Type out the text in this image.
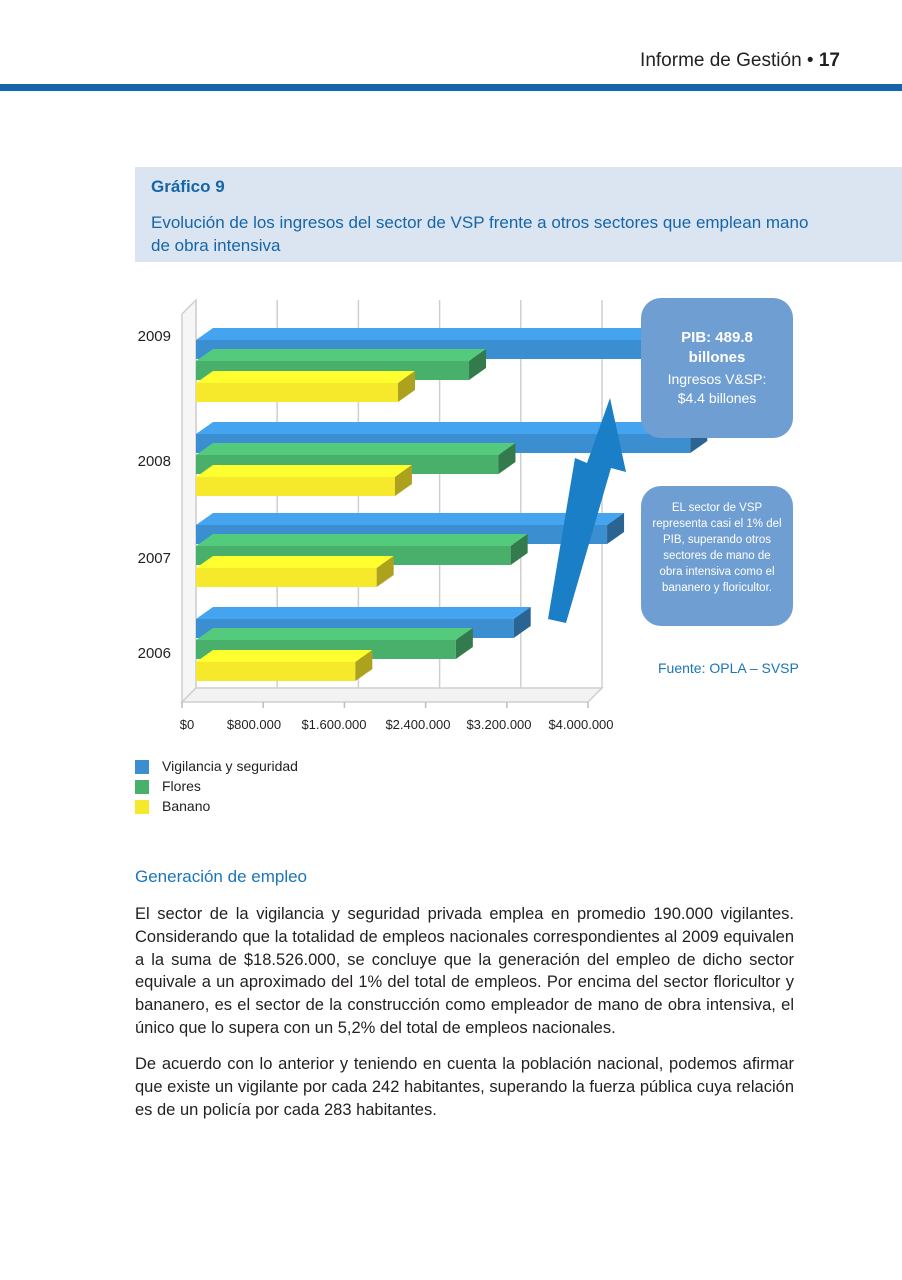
Informe de Gestión • 17
Gráfico 9
Evolución de los ingresos del sector de VSP frente a otros sectores que emplean mano de obra intensiva
$0	$800.000 $1.600.000 $2.400.000 $3.200.000 $4.000.000
2006
2007
2008
2009	PIB: 489.8
billones
Ingresos V&SP:
$4.4 billones
EL sector de VSP representa casi el 1% del PIB, superando otros sectores de mano de obra intensiva como el bananero y floricultor.
Fuente: OPLA – SVSP
Vigilancia y seguridad
Flores
Banano
Generación de empleo
El sector de la vigilancia y seguridad privada emplea en promedio 190.000 vigilantes. Considerando que la totalidad de empleos nacionales correspondientes al 2009 equivalen a la suma de $18.526.000, se concluye que la generación del empleo de dicho sector equivale a un aproximado del 1% del total de empleos. Por encima del sector floricultor y bananero, es el sector de la construcción como empleador de mano de obra intensiva, el único que lo supera con un 5,2% del total de empleos nacionales.
De acuerdo con lo anterior y teniendo en cuenta la población nacional, podemos afirmar que existe un vigilante por cada 242 habitantes, superando la fuerza pública cuya relación es de un policía por cada 283 habitantes.
